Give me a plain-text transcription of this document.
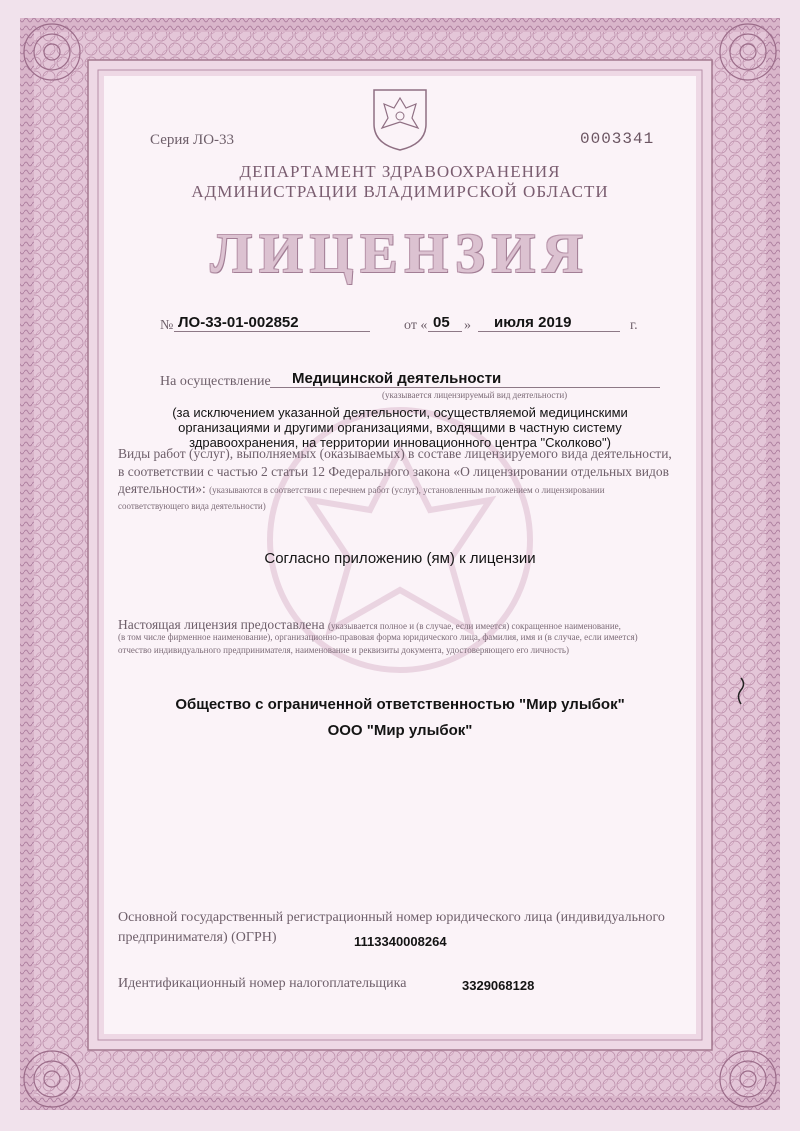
Серия ЛО-33	0003341

ДЕПАРТАМЕНТ ЗДРАВООХРАНЕНИЯ

АДМИНИСТРАЦИИ ВЛАДИМИРСКОЙ ОБЛАСТИ

ЛИЦЕНЗИЯ

№ ЛО-33-01-002852	от « 05 » июля 2019	г.
На осуществление Медицинской деятельности
(указывается лицензируемый вид деятельности)

(за исключением указанной деятельности, осуществляемой медицинскими организациями и другими организациями, входящими в частную систему здравоохранения, на территории инновационного центра "Сколково")

Виды работ (услуг), выполняемых (оказываемых) в составе лицензируемого вида деятельности,

в соответствии с частью 2 статьи 12 Федерального закона «О лицензировании отдельных видов

деятельности»: (указываются в соответствии с перечнем работ (услуг), установленным положением о лицензировании

соответствующего вида деятельности)

Согласно приложению (ям) к лицензии

Настоящая лицензия предоставлена (указывается полное и (в случае, если имеется) сокращенное наименование,

(в том числе фирменное наименование), организационно-правовая форма юридического лица, фамилия, имя и (в случае, если имеется)

отчество индивидуального предпринимателя, наименование и реквизиты документа, удостоверяющего его личность)

Общество с ограниченной ответственностью "Мир улыбок"

ООО "Мир улыбок"

Основной государственный регистрационный номер юридического лица (индивидуального

предпринимателя) (ОГРН)	1113340008264

Идентификационный номер налогоплательщика	3329068128
